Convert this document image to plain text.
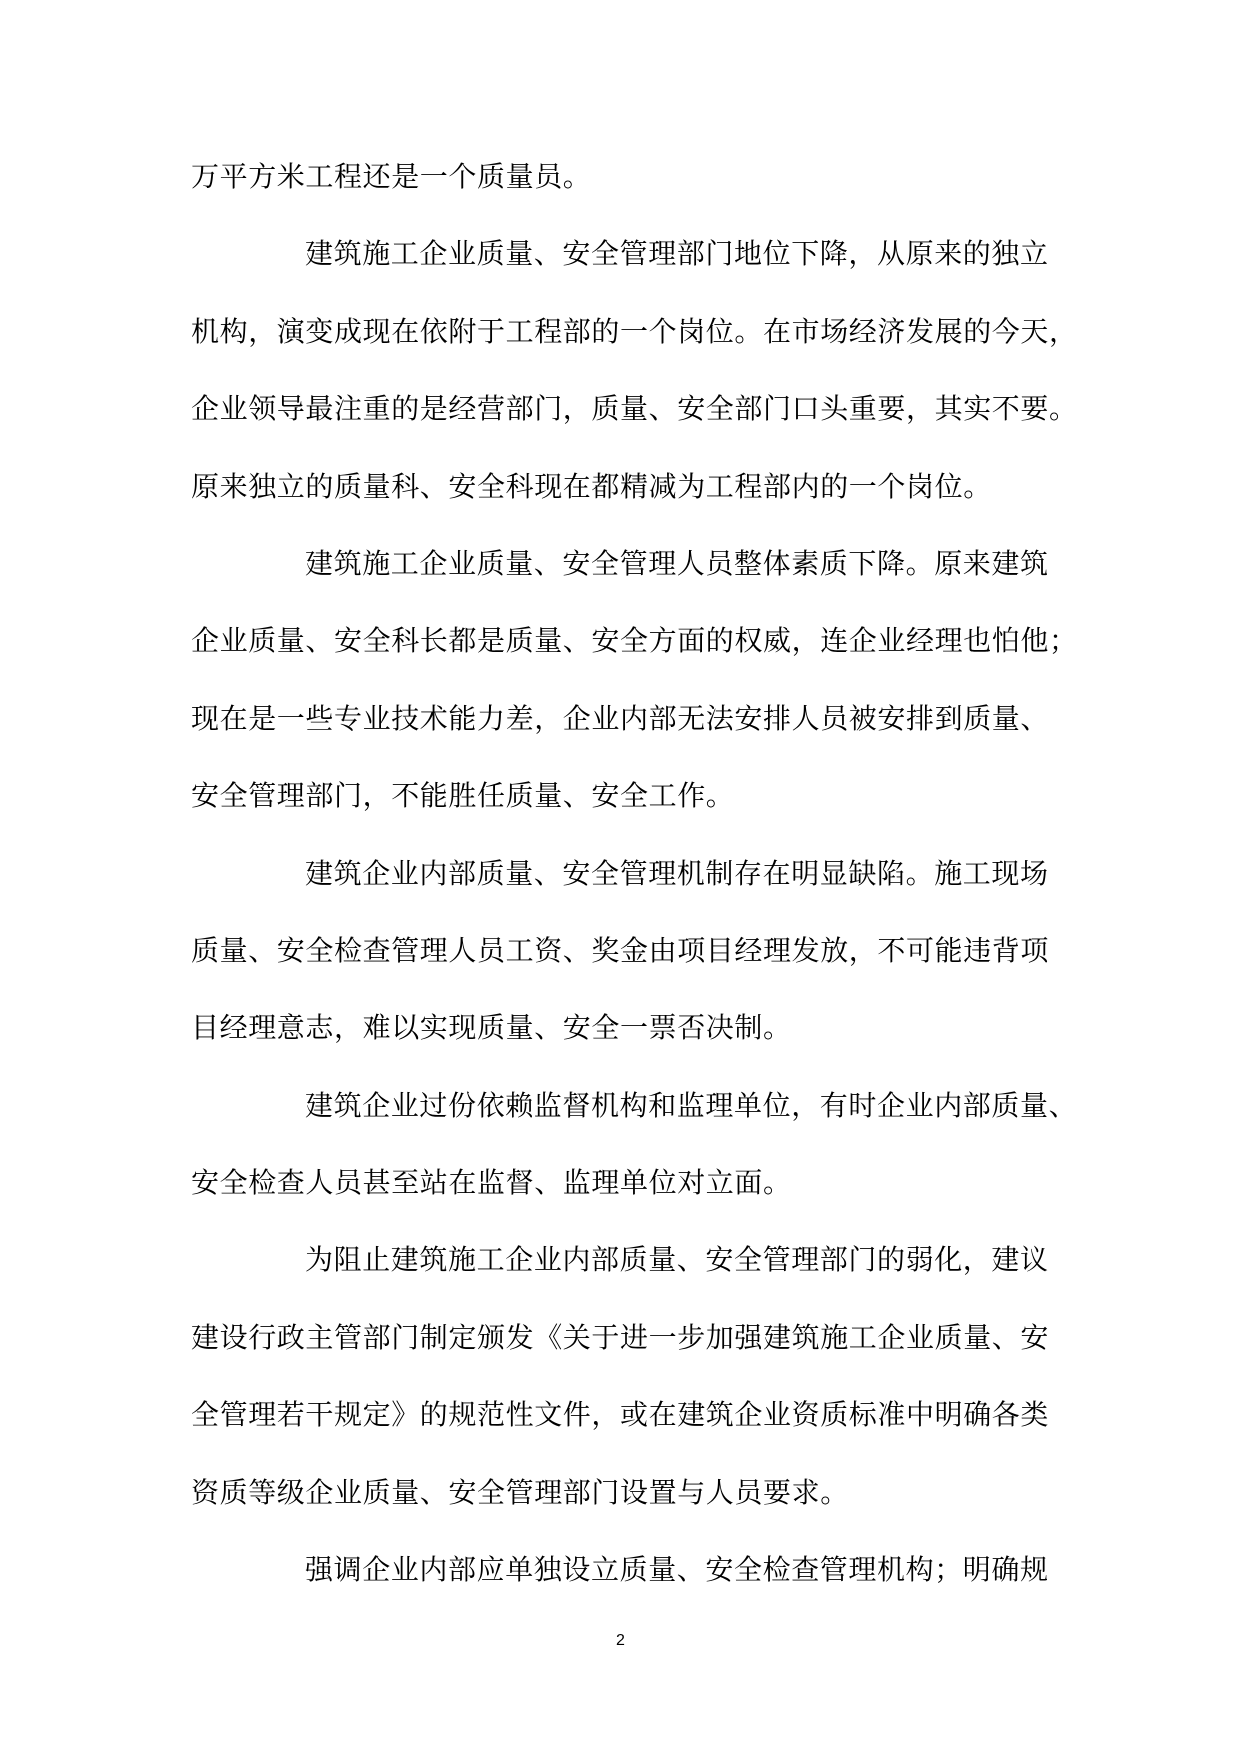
万平方米工程还是一个质量员。
建筑施工企业质量、安全管理部门地位下降，从原来的独立
机构，演变成现在依附于工程部的一个岗位。在市场经济发展的今天，
企业领导最注重的是经营部门，质量、安全部门口头重要，其实不要。
原来独立的质量科、安全科现在都精减为工程部内的一个岗位。
建筑施工企业质量、安全管理人员整体素质下降。原来建筑
企业质量、安全科长都是质量、安全方面的权威，连企业经理也怕他；
现在是一些专业技术能力差，企业内部无法安排人员被安排到质量、
安全管理部门，不能胜任质量、安全工作。
建筑企业内部质量、安全管理机制存在明显缺陷。施工现场
质量、安全检查管理人员工资、奖金由项目经理发放，不可能违背项
目经理意志，难以实现质量、安全一票否决制。
建筑企业过份依赖监督机构和监理单位，有时企业内部质量、
安全检查人员甚至站在监督、监理单位对立面。
为阻止建筑施工企业内部质量、安全管理部门的弱化，建议
建设行政主管部门制定颁发《关于进一步加强建筑施工企业质量、安
全管理若干规定》的规范性文件，或在建筑企业资质标准中明确各类
资质等级企业质量、安全管理部门设置与人员要求。
强调企业内部应单独设立质量、安全检查管理机构；明确规
2
